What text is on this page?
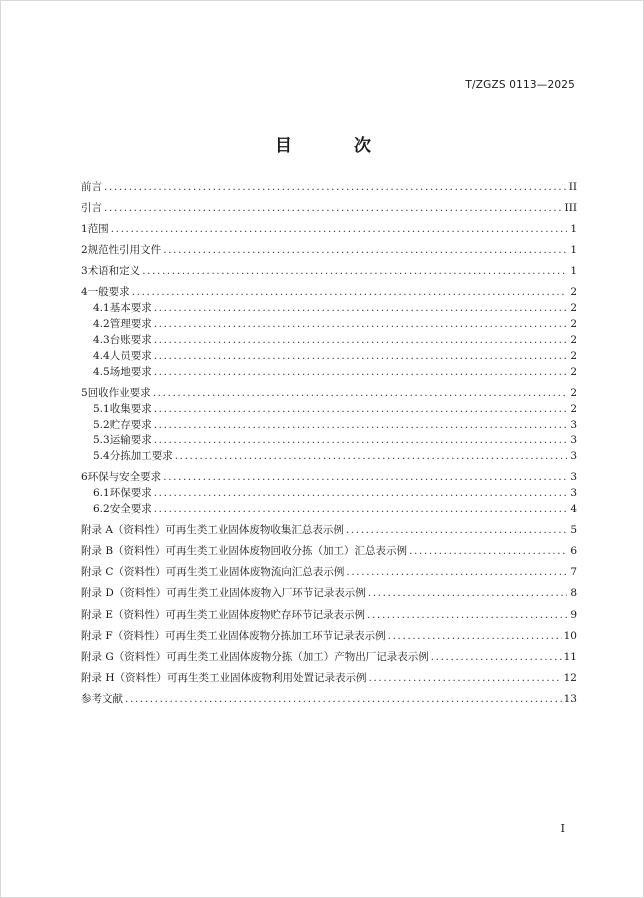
T/ZGZS 0113—2025
目 次
前言 .....	II
引言 .....	III
1 范围 .....	1
2 规范性引用文件 .....	1
3 术语和定义 .....	1
4 一般要求 .....	2
4.1 基本要求 .....	2
4.2 管理要求 .....	2
4.3 台账要求 .....	2
4.4 人员要求 .....	2
4.5 场地要求 .....	2
5 回收作业要求 .....	2
5.1 收集要求 .....	2
5.2 贮存要求 .....	3
5.3 运输要求 .....	3
5.4 分拣加工要求 .....	3
6 环保与安全要求 .....	3
6.1 环保要求 .....	3
6.2 安全要求 .....	4
附录 A（资料性） 可再生类工业固体废物收集汇总表示例 .....	5
附录 B（资料性） 可再生类工业固体废物回收分拣（加工）汇总表示例 .....	6
附录 C（资料性） 可再生类工业固体废物流向汇总表示例 .....	7
附录 D（资料性） 可再生类工业固体废物入厂环节记录表示例 .....	8
附录 E（资料性） 可再生类工业固体废物贮存环节记录表示例 .....	9
附录 F（资料性） 可再生类工业固体废物分拣加工环节记录表示例 .....	10
附录 G（资料性） 可再生类工业固体废物分拣（加工）产物出厂记录表示例 .....	11
附录 H（资料性） 可再生类工业固体废物利用处置记录表示例 .....	12
参考文献 .....	13
I
